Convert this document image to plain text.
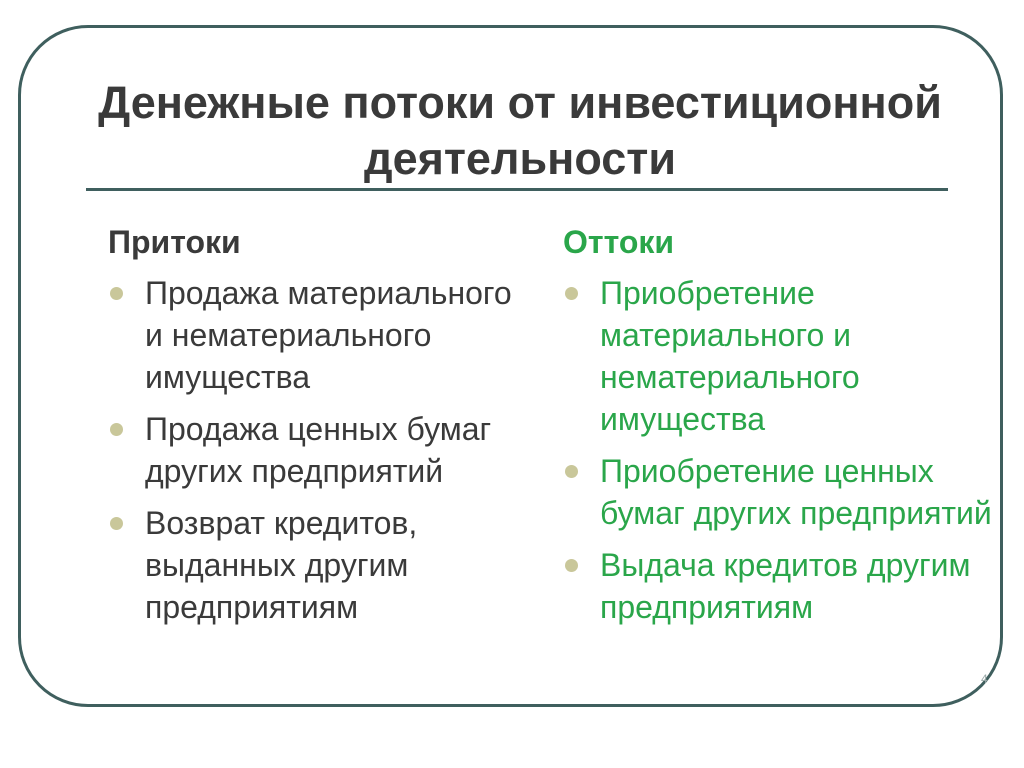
Денежные потоки от инвестиционной деятельности
Притоки
Продажа материального и нематериального имущества
Продажа ценных бумаг других предприятий
Возврат кредитов, выданных другим предприятиям
Оттоки
Приобретение материального и нематериального имущества
Приобретение ценных бумаг других предприятий
Выдача кредитов другим предприятиям
4
